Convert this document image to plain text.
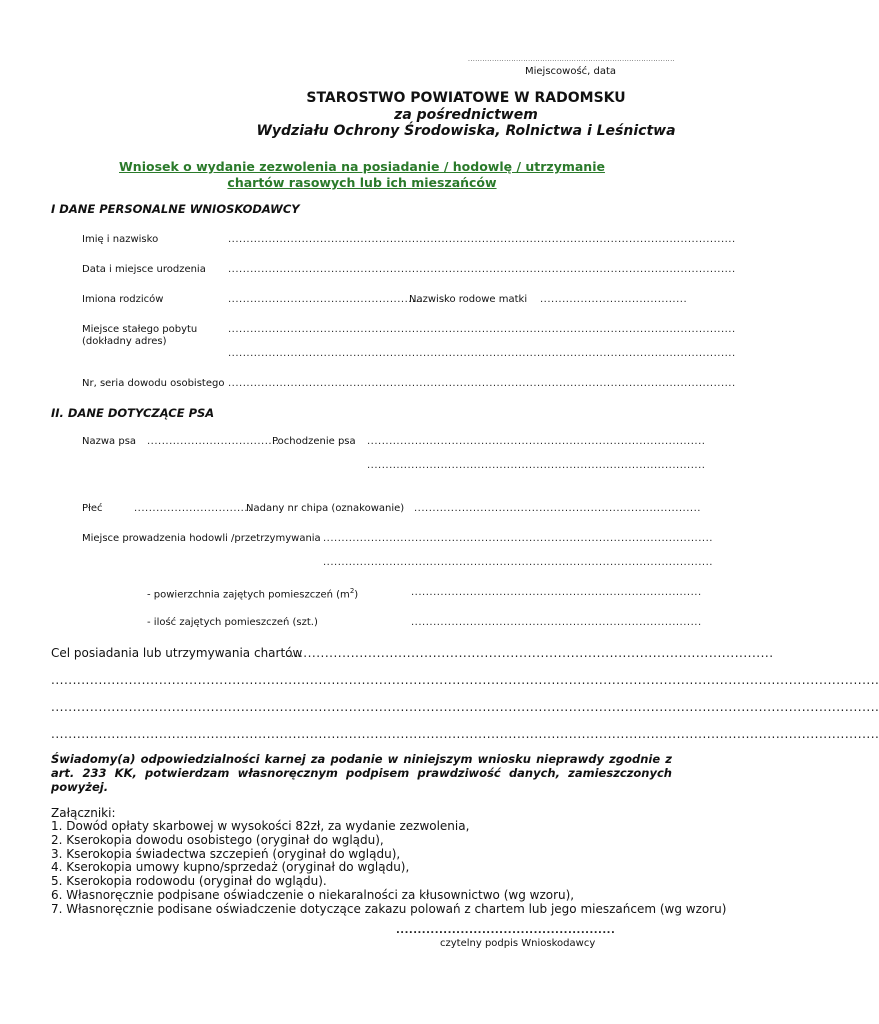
......................................................................................
Miejscowość, data
STAROSTWO POWIATOWE W RADOMSKU
za pośrednictwem
Wydziału Ochrony Środowiska, Rolnictwa i Leśnictwa
Wniosek o wydanie zezwolenia na posiadanie / hodowlę / utrzymanie
chartów rasowych lub ich mieszańców
I DANE PERSONALNE WNIOSKODAWCY
Imię i nazwisko	..........................................................................................................................................
Data i miejsce urodzenia ..........................................................................................................................................
Imiona rodziców	.....................................................
Nazwisko rodowe matki ........................................
Miejsce stałego pobytu
(dokładny adres)
..........................................................................................................................................
..........................................................................................................................................
Nr, seria dowodu osobistego ..........................................................................................................................................
II. DANE DOTYCZĄCE PSA
Nazwa psa ....................................
Pochodzenie psa ............................................................................................
............................................................................................
Płeć	................................
Nadany nr chipa (oznakowanie) ..............................................................................
Miejsce prowadzenia hodowli /przetrzymywania ..........................................................................................................
..........................................................................................................
- powierzchnia zajętych pomieszczeń $(m^2)$	...............................................................................
- ilość zajętych pomieszczeń (szt.)	...............................................................................
Cel posiadania lub utrzymywania chartów
.................................................................................................................
................................................................................................................................................................................................
................................................................................................................................................................................................
................................................................................................................................................................................................
Świadomy(a) odpowiedzialności karnej za podanie w niniejszym wniosku nieprawdy zgodnie z art. 233 KK, potwierdzam własnoręcznym podpisem prawdziwość danych, zamieszczonych powyżej.
Załączniki:
1. Dowód opłaty skarbowej w wysokości 82zł, za wydanie zezwolenia,
2. Kserokopia dowodu osobistego (oryginał do wglądu),
3. Kserokopia świadectwa szczepień (oryginał do wglądu),
4. Kserokopia umowy kupno/sprzedaż (oryginał do wglądu),
5. Kserokopia rodowodu (oryginał do wglądu).
6. Własnoręcznie podpisane oświadczenie o niekaralności za kłusownictwo (wg wzoru),
7. Własnoręcznie podisane oświadczenie dotyczące zakazu polowań z chartem lub jego mieszańcem (wg wzoru)
...................................................
czytelny podpis Wnioskodawcy
